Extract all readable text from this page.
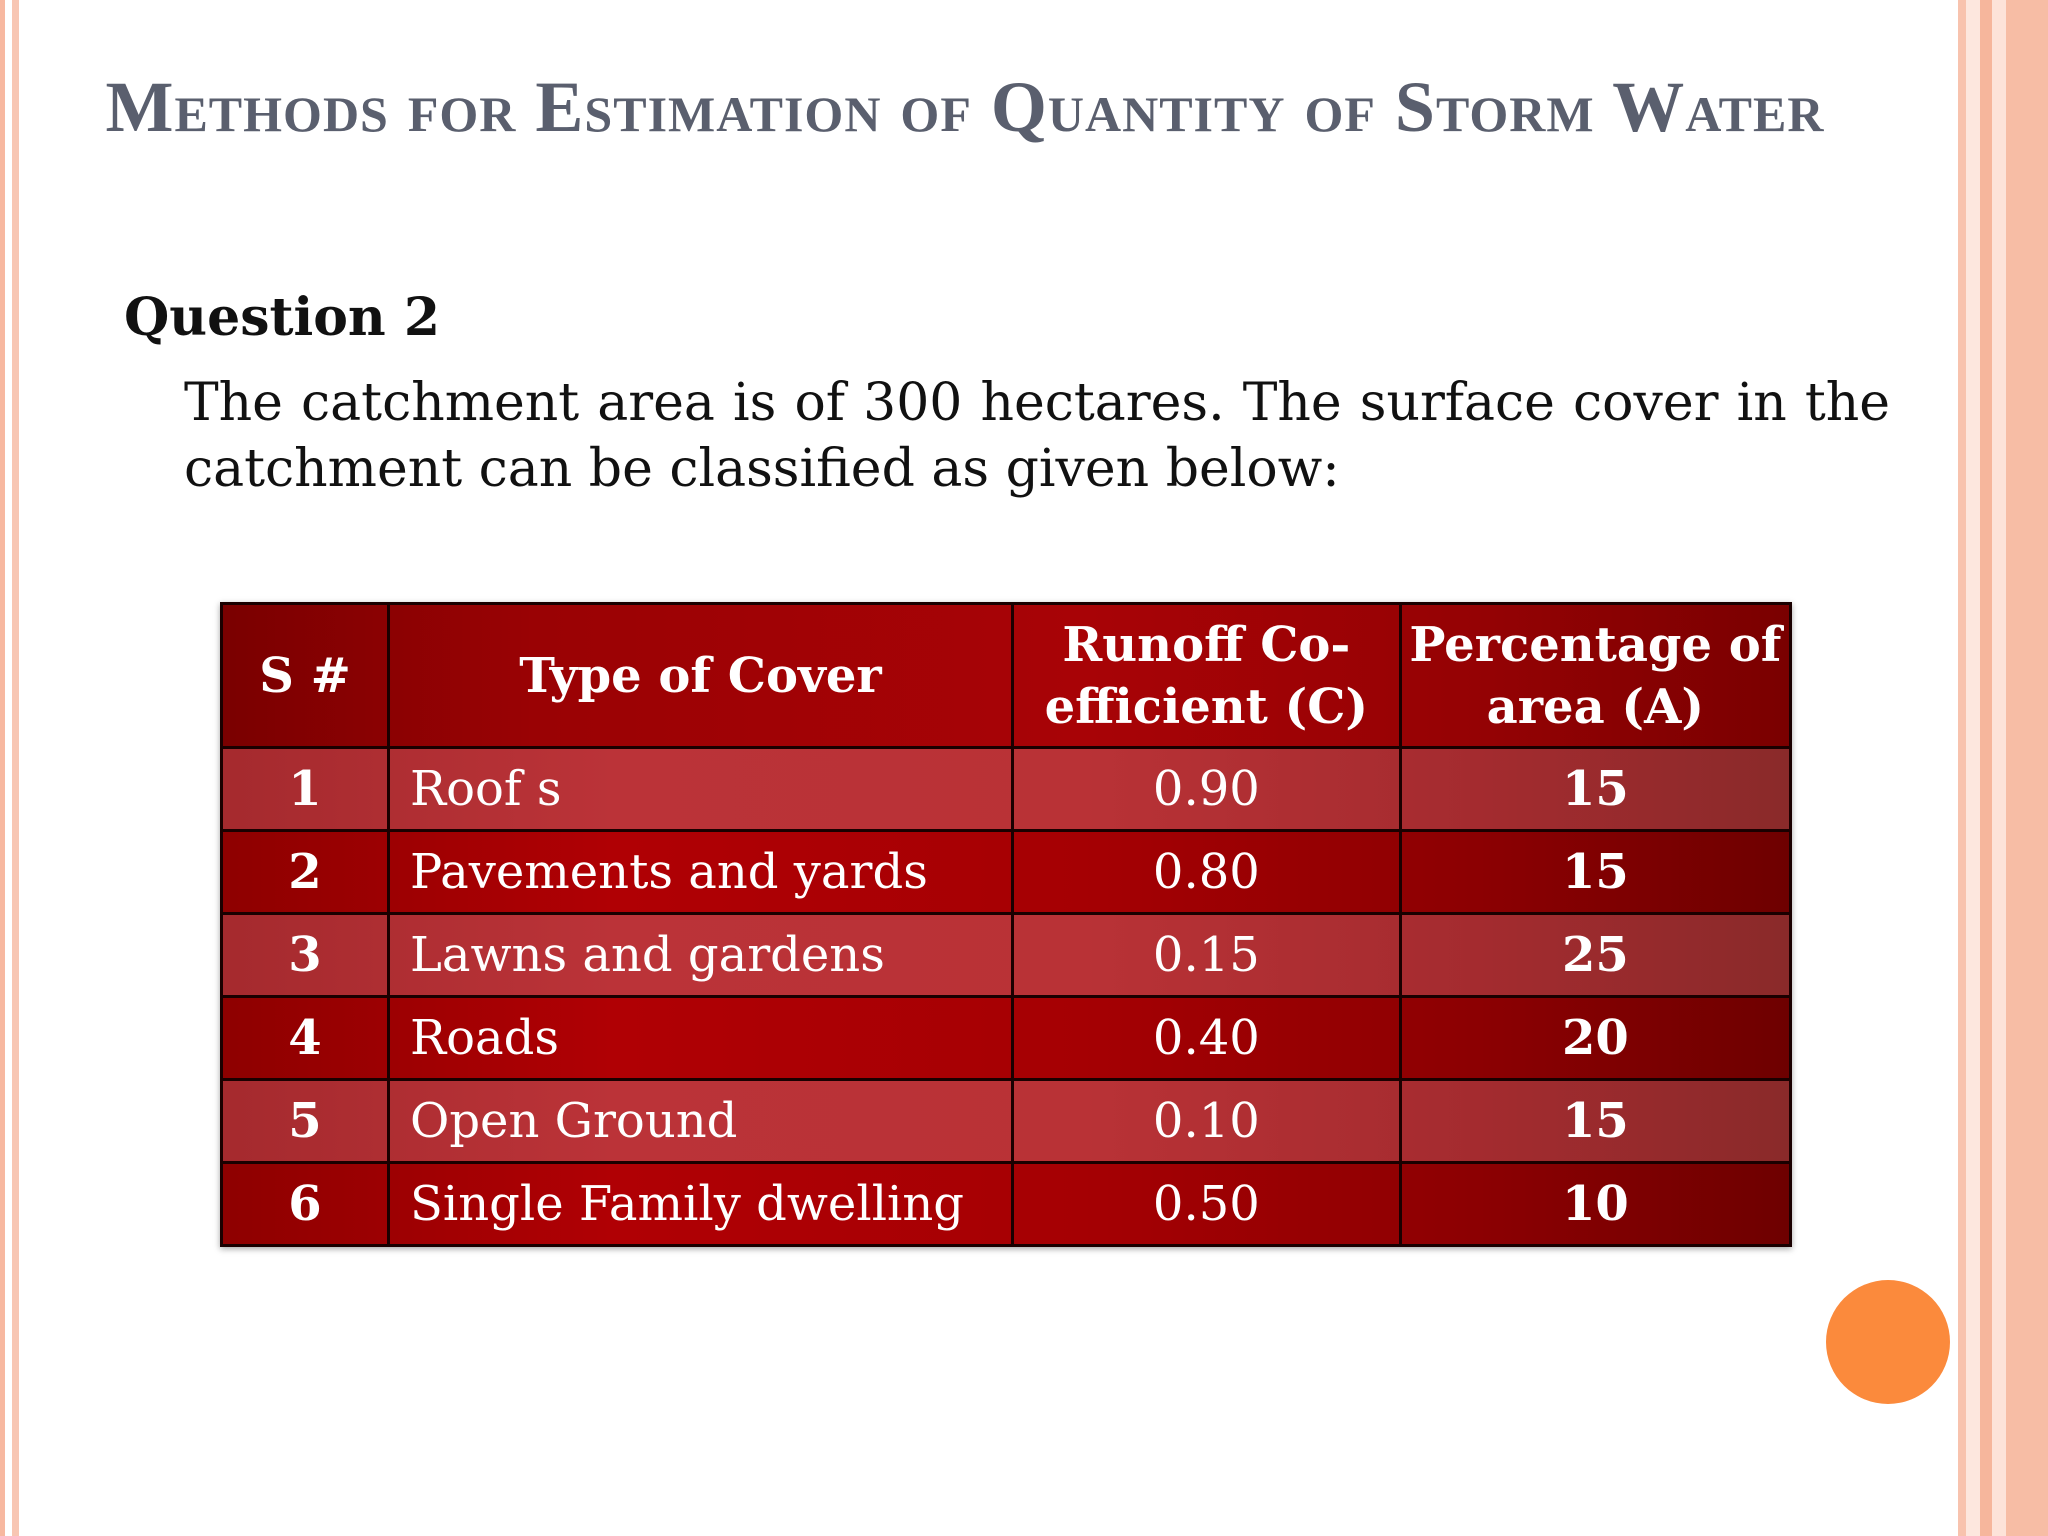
Methods for Estimation of Quantity of Storm Water
Question 2
The catchment area is of 300 hectares. The surface cover in the catchment can be classified as given below:
S #	Type of Cover	Runoff Co-efficient (C)	Percentage of area (A)
1	Roof s	0.90	15
2	Pavements and yards	0.80	15
3	Lawns and gardens	0.15	25
4	Roads	0.40	20
5	Open Ground	0.10	15
6	Single Family dwelling	0.50	10
